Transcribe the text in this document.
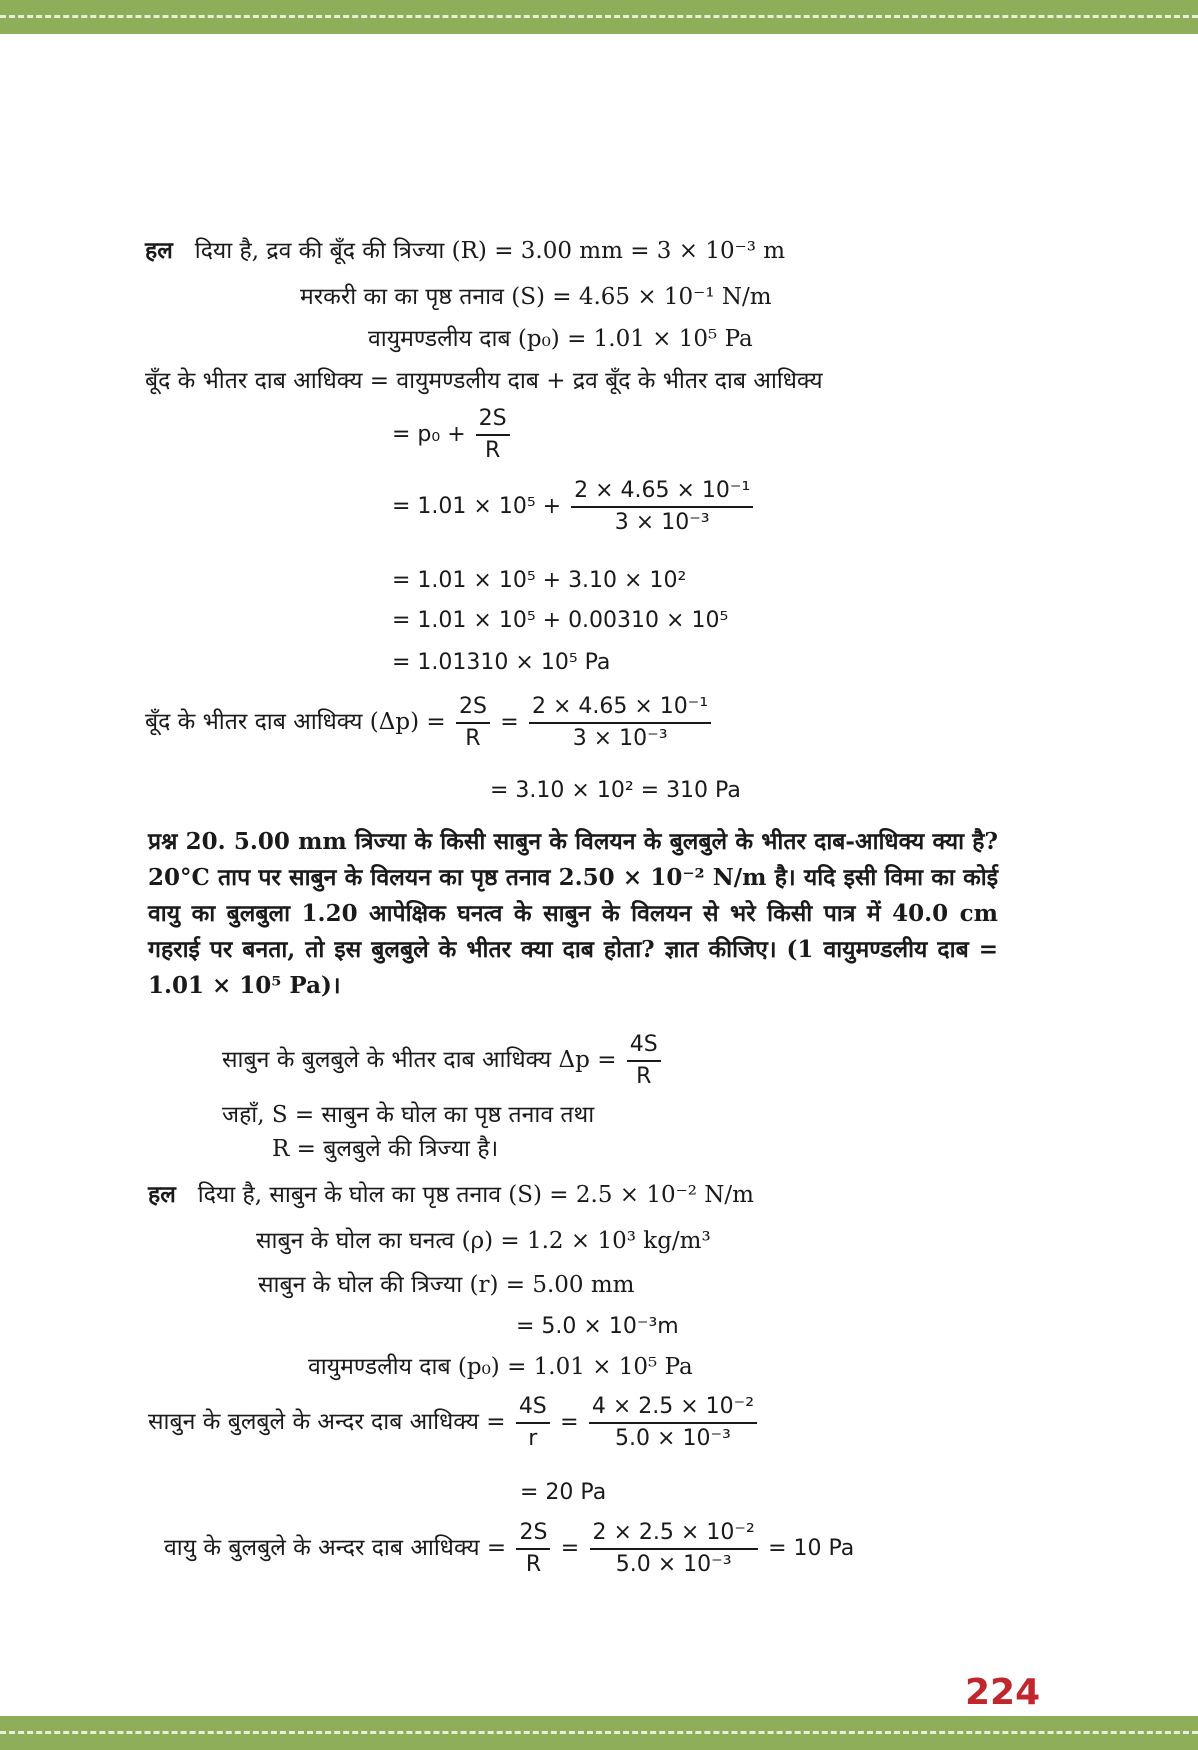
हल दिया है, द्रव की बूँद की त्रिज्या (R) = 3.00 mm = 3 × 10⁻³ m
मरकरी का का पृष्ठ तनाव (S) = 4.65 × 10⁻¹ N/m
वायुमण्डलीय दाब (p₀) = 1.01 × 10⁵ Pa
बूँद के भीतर दाब आधिक्य = वायुमण्डलीय दाब + द्रव बूँद के भीतर दाब आधिक्य
= $p_0 + \frac{2S}{R}$
= $1.01 \times 10^5 + \frac{\text{2 × 4.65 × 10⁻¹}}{\text{3 × 10⁻³}}$
= 1.01 × 10⁵ + 3.10 × 10²
= 1.01 × 10⁵ + 0.00310 × 10⁵
= 1.01310 × 10⁵ Pa
बूँद के भीतर दाब आधिक्य $(\Delta p) = \frac{2S}{R} = \frac{\text{2 × 4.65 × 10⁻¹}}{\text{3 × 10⁻³}}$
= 3.10 × 10² = 310 Pa
प्रश्न 20. 5.00 mm त्रिज्या के किसी साबुन के विलयन के बुलबुले के भीतर दाब-आधिक्य क्या है? 20°C ताप पर साबुन के विलयन का पृष्ठ तनाव 2.50 × 10⁻² N/m है। यदि इसी विमा का कोई वायु का बुलबुला 1.20 आपेक्षिक घनत्व के साबुन के विलयन से भरे किसी पात्र में 40.0 cm गहराई पर बनता, तो इस बुलबुले के भीतर क्या दाब होता? ज्ञात कीजिए। (1 वायुमण्डलीय दाब = 1.01 × 10⁵ Pa)।
साबुन के बुलबुले के भीतर दाब आधिक्य $\Delta p = \frac{4S}{R}$
जहाँ, S = साबुन के घोल का पृष्ठ तनाव तथा
R = बुलबुले की त्रिज्या है।
हल दिया है, साबुन के घोल का पृष्ठ तनाव (S) = 2.5 × 10⁻² N/m
साबुन के घोल का घनत्व (ρ) = 1.2 × 10³ kg/m³
साबुन के घोल की त्रिज्या (r) = 5.00 mm
= 5.0 × 10⁻³m
वायुमण्डलीय दाब (p₀) = 1.01 × 10⁵ Pa
साबुन के बुलबुले के अन्दर दाब आधिक्य = $\frac{4S}{r} = \frac{\text{4 × 2.5 × 10⁻²}}{\text{5.0 × 10⁻³}}$
= 20 Pa
वायु के बुलबुले के अन्दर दाब आधिक्य = $\frac{2S}{R} = \frac{\text{2 × 2.5 × 10⁻²}}{\text{5.0 × 10⁻³}} = 10$ Pa
224
